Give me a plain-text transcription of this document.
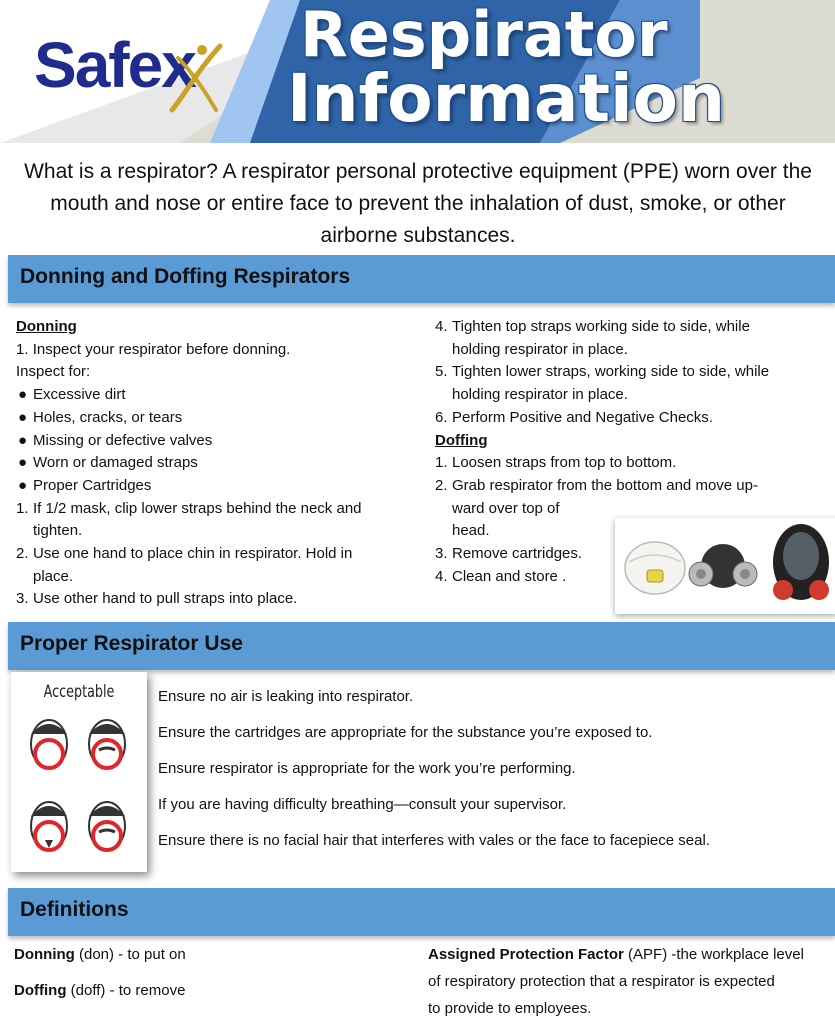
Safex Respirator
Information
What is a respirator? A respirator personal protective equipment (PPE) worn over the mouth and nose or entire face to prevent the inhalation of dust, smoke, or other airborne substances.
Donning and Doffing Respirators
Donning
1. Inspect your respirator before donning.
Inspect for:
● Excessive dirt
● Holes, cracks, or tears
● Missing or defective valves
● Worn or damaged straps
● Proper Cartridges
1. If 1/2 mask, clip lower straps behind the neck and
tighten.
2. Use one hand to place chin in respirator. Hold in
place.
3. Use other hand to pull straps into place.
4. Tighten top straps working side to side, while
holding respirator in place.
5. Tighten lower straps, working side to side, while
holding respirator in place.
6. Perform Positive and Negative Checks.
Doffing
1. Loosen straps from top to bottom.
2. Grab respirator from the bottom and move up-
ward over top of
head.
3. Remove cartridges.
4. Clean and store .
Proper Respirator Use
Acceptable	Ensure no air is leaking into respirator.
Ensure the cartridges are appropriate for the substance you’re exposed to.
Ensure respirator is appropriate for the work you’re performing.
If you are having difficulty breathing—consult your supervisor.
Ensure there is no facial hair that interferes with vales or the face to facepiece seal.
Definitions
Donning (don) - to put on
Doffing (doff) - to remove
Assigned Protection Factor (APF) -the workplace level
of respiratory protection that a respirator is expected
to provide to employees.
